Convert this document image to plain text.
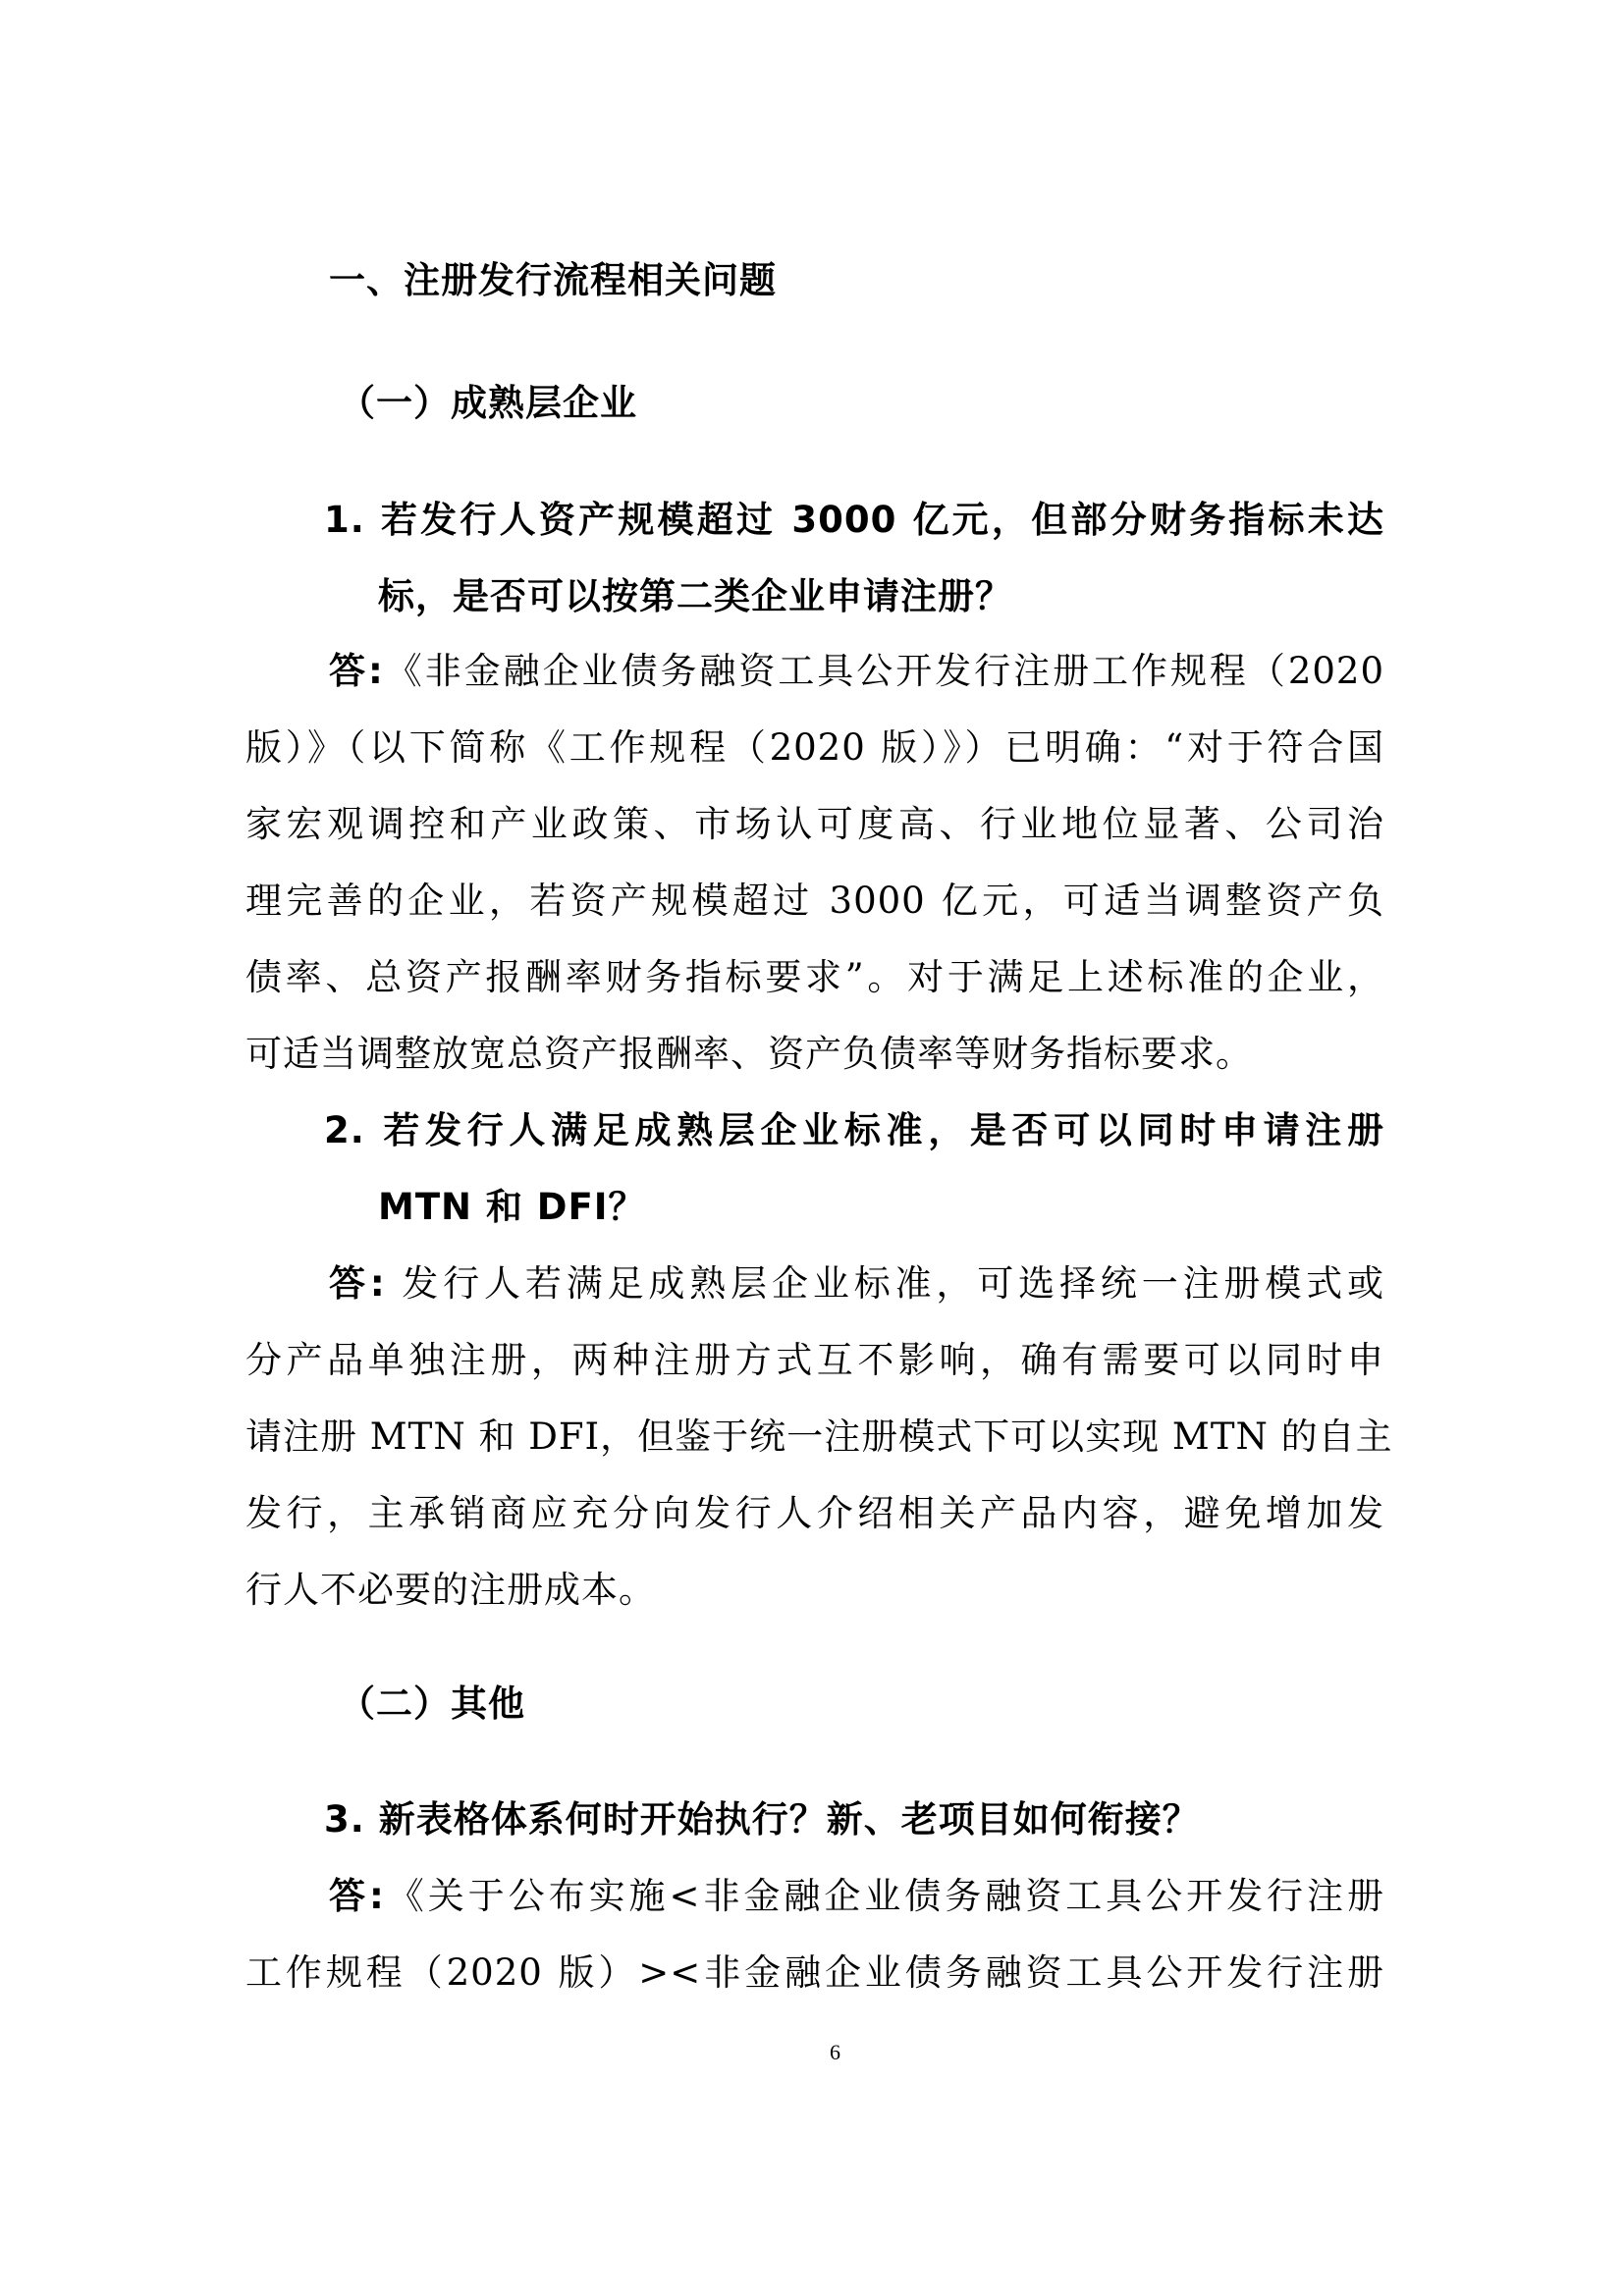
一、注册发行流程相关问题
（一）成熟层企业
1. 若发行人资产规模超过 3000 亿元，但部分财务指标未达
标，是否可以按第二类企业申请注册？
答:《非金融企业债务融资工具公开发行注册工作规程（2020
版）》（以下简称《工作规程（2020 版）》）已明确：“对于符合国
家宏观调控和产业政策、市场认可度高、行业地位显著、公司治
理完善的企业，若资产规模超过 3000 亿元，可适当调整资产负
债率、总资产报酬率财务指标要求”。对于满足上述标准的企业，
可适当调整放宽总资产报酬率、资产负债率等财务指标要求。
2. 若发行人满足成熟层企业标准，是否可以同时申请注册
MTN 和 DFI？
答: 发行人若满足成熟层企业标准，可选择统一注册模式或
分产品单独注册，两种注册方式互不影响，确有需要可以同时申
请注册 MTN 和 DFI，但鉴于统一注册模式下可以实现 MTN 的自主
发行，主承销商应充分向发行人介绍相关产品内容，避免增加发
行人不必要的注册成本。
（二）其他
3. 新表格体系何时开始执行？新、老项目如何衔接？
答:《关于公布实施<非金融企业债务融资工具公开发行注册
工作规程（2020 版）><非金融企业债务融资工具公开发行注册
6
